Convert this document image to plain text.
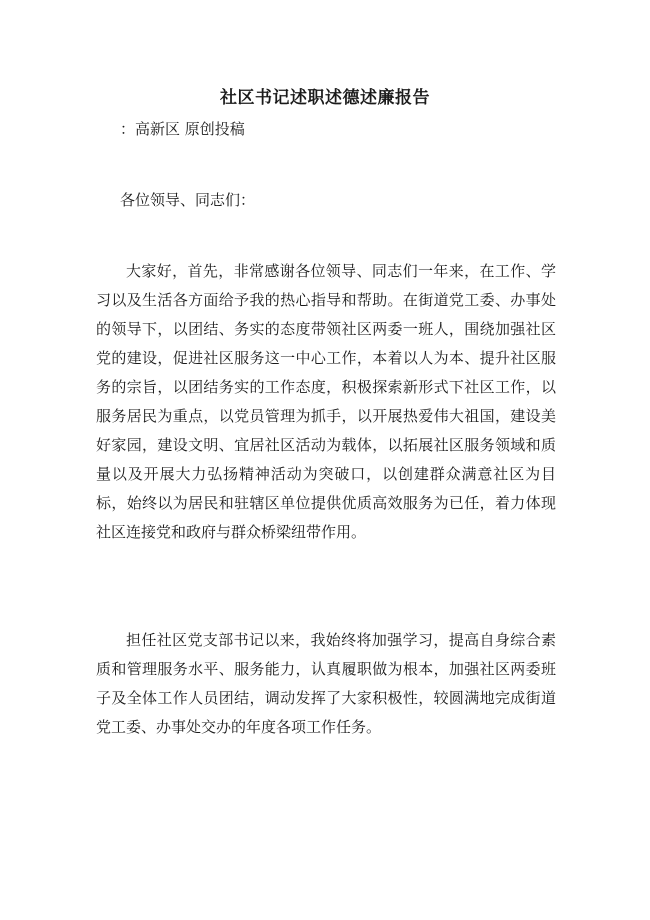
社区书记述职述德述廉报告
：高新区 原创投稿
各位领导、同志们：

大家好，首先，非常感谢各位领导、同志们一年来，在工作、学习以及生活各方面给予我的热心指导和帮助。在街道党工委、办事处的领导下，以团结、务实的态度带领社区两委一班人，围绕加强社区党的建设，促进社区服务这一中心工作，本着以人为本、提升社区服务的宗旨，以团结务实的工作态度，积极探索新形式下社区工作，以服务居民为重点，以党员管理为抓手，以开展热爱伟大祖国，建设美好家园，建设文明、宜居社区活动为载体，以拓展社区服务领域和质量以及开展大力弘扬精神活动为突破口，以创建群众满意社区为目标，始终以为居民和驻辖区单位提供优质高效服务为已任，着力体现社区连接党和政府与群众桥梁纽带作用。

担任社区党支部书记以来，我始终将加强学习，提高自身综合素质和管理服务水平、服务能力，认真履职做为根本，加强社区两委班子及全体工作人员团结，调动发挥了大家积极性，较圆满地完成街道党工委、办事处交办的年度各项工作任务。
